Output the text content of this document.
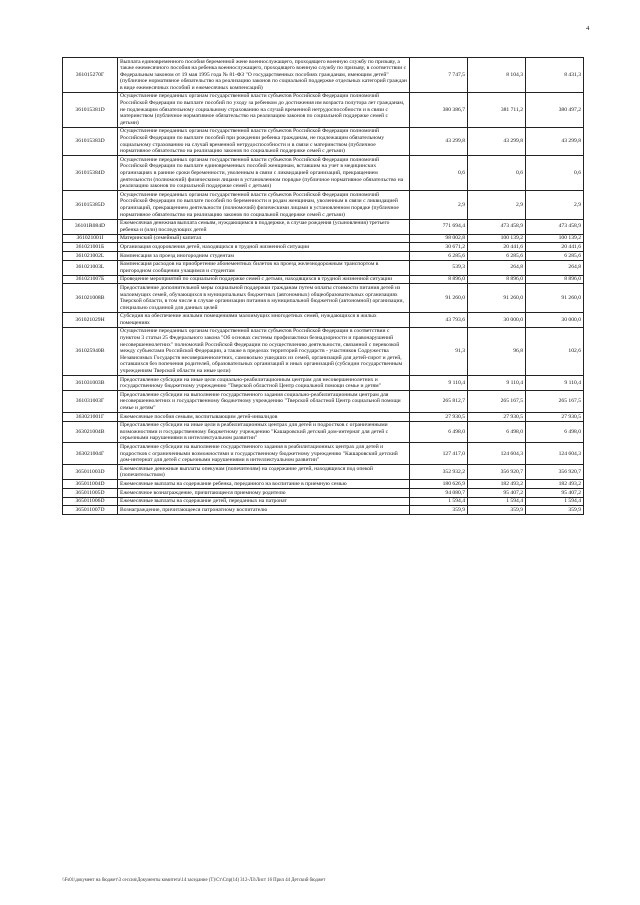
4
361015270Г	Выплата единовременного пособия беременной жене военнослужащего, проходящего военную службу по призыву, а также ежемесячного пособия на ребенка военнослужащего, проходящего военную службу по призыву, в соответствии с Федеральным законом от 19 мая 1995 года № 81-ФЗ "О государственных пособиях гражданам, имеющим детей" (публичное нормативное обязательство на реализацию законов по социальной поддержке отдельных категорий граждан в виде ежемесячных пособий и ежемесячных компенсаций)	7 747,5	8 104,3	8 431,3
361015381D	Осуществление переданных органам государственной власти субъектов Российской Федерации полномочий Российской Федерации по выплате пособий по уходу за ребенком до достижения им возраста полутора лет гражданам, не подлежащим обязательному социальному страхованию на случай временной нетрудоспособности и в связи с материнством (публичное нормативное обязательство на реализацию законов по социальной поддержке семей с детьми)	380 386,7	381 711,2	380 497,2
361015383D	Осуществление переданных органам государственной власти субъектов Российской Федерации полномочий Российской Федерации по выплате пособий при рождении ребенка гражданам, не подлежащим обязательному социальному страхованию на случай временной нетрудоспособности и в связи с материнством (публичное нормативное обязательство на реализацию законов по социальной поддержке семей с детьми)	43 299,8	43 299,8	43 299,8
361015384D	Осуществление переданных органам государственной власти субъектов Российской Федерации полномочий Российской Федерации по выплате единовременных пособий женщинам, вставшим на учет в медицинских организациях в ранние сроки беременности, уволенным в связи с ликвидацией организаций, прекращением деятельности (полномочий) физическими лицами в установленном порядке (публичное нормативное обязательство на реализацию законов по социальной поддержке семей с детьми)	0,6	0,6	0,6
361015385D	Осуществление переданных органам государственной власти субъектов Российской Федерации полномочий Российской Федерации по выплате пособий по беременности и родам женщинам, уволенным в связи с ликвидацией организаций, прекращением деятельности (полномочий) физическими лицами в установленном порядке (публичное нормативное обязательство на реализацию законов по социальной поддержке семей с детьми)	2,9	2,9	2,9
36101R084D	Ежемесячная денежная выплата семьям, нуждающимся в поддержке, в случае рождения (усыновления) третьего ребенка и (или) последующих детей	771 694,4	473 458,9	473 458,9
361021001I	Материнский (семейный) капитал	98 002,8	100 139,2	100 139,2
361021001Б	Организация оздоровления детей, находящихся в трудной жизненной ситуации	30 671,2	20 441,6	20 441,6
361021002L	Компенсация за проезд иногородним студентам	6 285,6	6 285,6	6 285,6
361021003L	Компенсация расходов на приобретение абонементных билетов на проезд железнодорожным транспортом в пригородном сообщении учащимся и студентам	539,3	264,8	264,8
361021007Б	Проведение мероприятий по социальной поддержке семей с детьми, находящихся в трудной жизненной ситуации	8 896,0	8 896,0	8 896,0
361021008B	Предоставление дополнительной меры социальной поддержки гражданам путем оплаты стоимости питания детей из малоимущих семей, обучающихся в муниципальных бюджетных (автономных) общеобразовательных организациях Тверской области, в том числе в случае организации питания в муниципальной бюджетной (автономной) организации, специально созданной для данных целей	91 260,0	91 260,0	91 260,0
361021029Н	Субсидия на обеспечение жилыми помещениями малоимущих многодетных семей, нуждающихся в жилых помещениях	43 793,6	30 000,0	30 000,0
361025940В	Осуществление переданных органам государственной власти субъектов Российской Федерации в соответствии с пунктом 3 статьи 25 Федерального закона "Об основах системы профилактики безнадзорности и правонарушений несовершеннолетних" полномочий Российской Федерации по осуществлению деятельности, связанной с перевозкой между субъектами Российской Федерации, а также в пределах территорий государств - участников Содружества Независимых Государств несовершеннолетних, самовольно ушедших из семей, организаций для детей-сирот и детей, оставшихся без попечения родителей, образовательных организаций и иных организаций (субсидии государственным учреждениям Тверской области на иные цели)	91,3	96,8	102,6
361031003В	Предоставление субсидии на иные цели социально-реабилитационным центрам для несовершеннолетних и государственному бюджетному учреждению "Тверской областной Центр социальной помощи семье и детям"	9 110,4	9 110,4	9 110,4
361031003Г	Предоставление субсидии на выполнение государственного задания социально-реабилитационным центрам для несовершеннолетних и государственному бюджетному учреждению "Тверской областной Центр социальной помощи семье и детям"	265 812,7	265 167,5	265 167,5
363021001Г	Ежемесячные пособия семьям, воспитывающим детей-инвалидов	27 930,5	27 930,5	27 930,5
363021004В	Предоставление субсидии на иные цели в реабилитационных центрах для детей и подростков с ограниченными возможностями и государственному бюджетному учреждению "Кашаровский детский дом-интернат для детей с серьезными нарушениями в интеллектуальном развитии"	6 498,0	6 498,0	6 498,0
363021004Г	Предоставление субсидии на выполнение государственного задания в реабилитационных центрах для детей и подростков с ограниченными возможностями и государственному бюджетному учреждению "Кашаровский детский дом-интернат для детей с серьезными нарушениями в интеллектуальном развитии"	127 417,0	124 604,3	124 604,3
365011003D	Ежемесячные денежные выплаты опекунам (попечителям) на содержание детей, находящихся под опекой (попечительством)	352 932,2	356 920,7	356 920,7
365011004D	Ежемесячные выплаты на содержание ребенка, переданного на воспитание в приемную семью	180 626,9	182 493,2	182 493,2
365011005D	Ежемесячное вознаграждение, причитающееся приемному родителю	94 080,7	95 407,2	95 407,2
365011006D	Ежемесячные выплаты на содержание детей, переданных на патронат	1 594,4	1 594,4	1 594,4
365011007D	Вознаграждение, причитающееся патронатному воспитателю	359,9	359,9	359,9
\\Fs01\документ на бюджет\3 сессия\Документы комитета\14 заседание (T)\Ст\Спр(14) 312-ЛЗ\Лист 16 Прил 44 Детский бюджет
